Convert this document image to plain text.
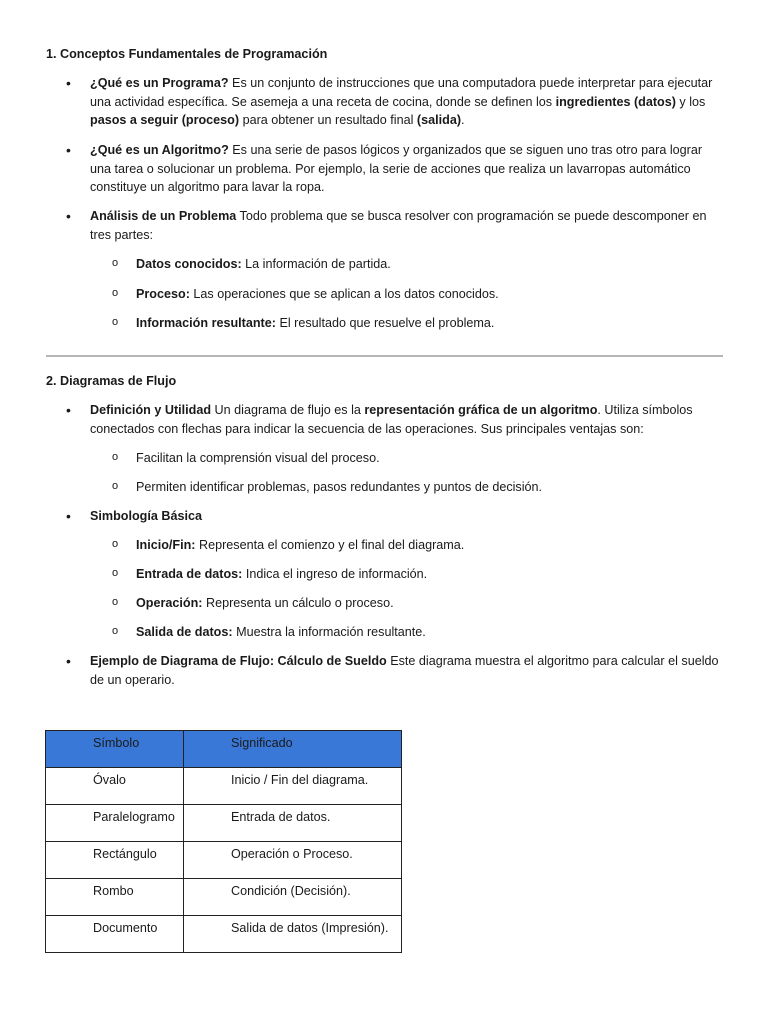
1. Conceptos Fundamentales de Programación

• ¿Qué es un Programa? Es un conjunto de instrucciones que una computadora puede interpretar para ejecutar una actividad específica. Se asemeja a una receta de cocina, donde se definen los ingredientes (datos) y los pasos a seguir (proceso) para obtener un resultado final (salida).
• ¿Qué es un Algoritmo? Es una serie de pasos lógicos y organizados que se siguen uno tras otro para lograr una tarea o solucionar un problema. Por ejemplo, la serie de acciones que realiza un lavarropas automático constituye un algoritmo para lavar la ropa.
• Análisis de un Problema Todo problema que se busca resolver con programación se puede descomponer en tres partes:
o Datos conocidos: La información de partida.
o Proceso: Las operaciones que se aplican a los datos conocidos.
o Información resultante: El resultado que resuelve el problema.

2. Diagramas de Flujo

• Definición y Utilidad Un diagrama de flujo es la representación gráfica de un algoritmo. Utiliza símbolos conectados con flechas para indicar la secuencia de las operaciones. Sus principales ventajas son:
o Facilitan la comprensión visual del proceso.
o Permiten identificar problemas, pasos redundantes y puntos de decisión.
• Simbología Básica
o Inicio/Fin: Representa el comienzo y el final del diagrama.
o Entrada de datos: Indica el ingreso de información.
o Operación: Representa un cálculo o proceso.
o Salida de datos: Muestra la información resultante.
• Ejemplo de Diagrama de Flujo: Cálculo de Sueldo Este diagrama muestra el algoritmo para calcular el sueldo de un operario.
Símbolo	Significado
Óvalo	Inicio / Fin del diagrama.
Paralelogramo	Entrada de datos.
Rectángulo	Operación o Proceso.
Rombo	Condición (Decisión).
Documento	Salida de datos (Impresión).
